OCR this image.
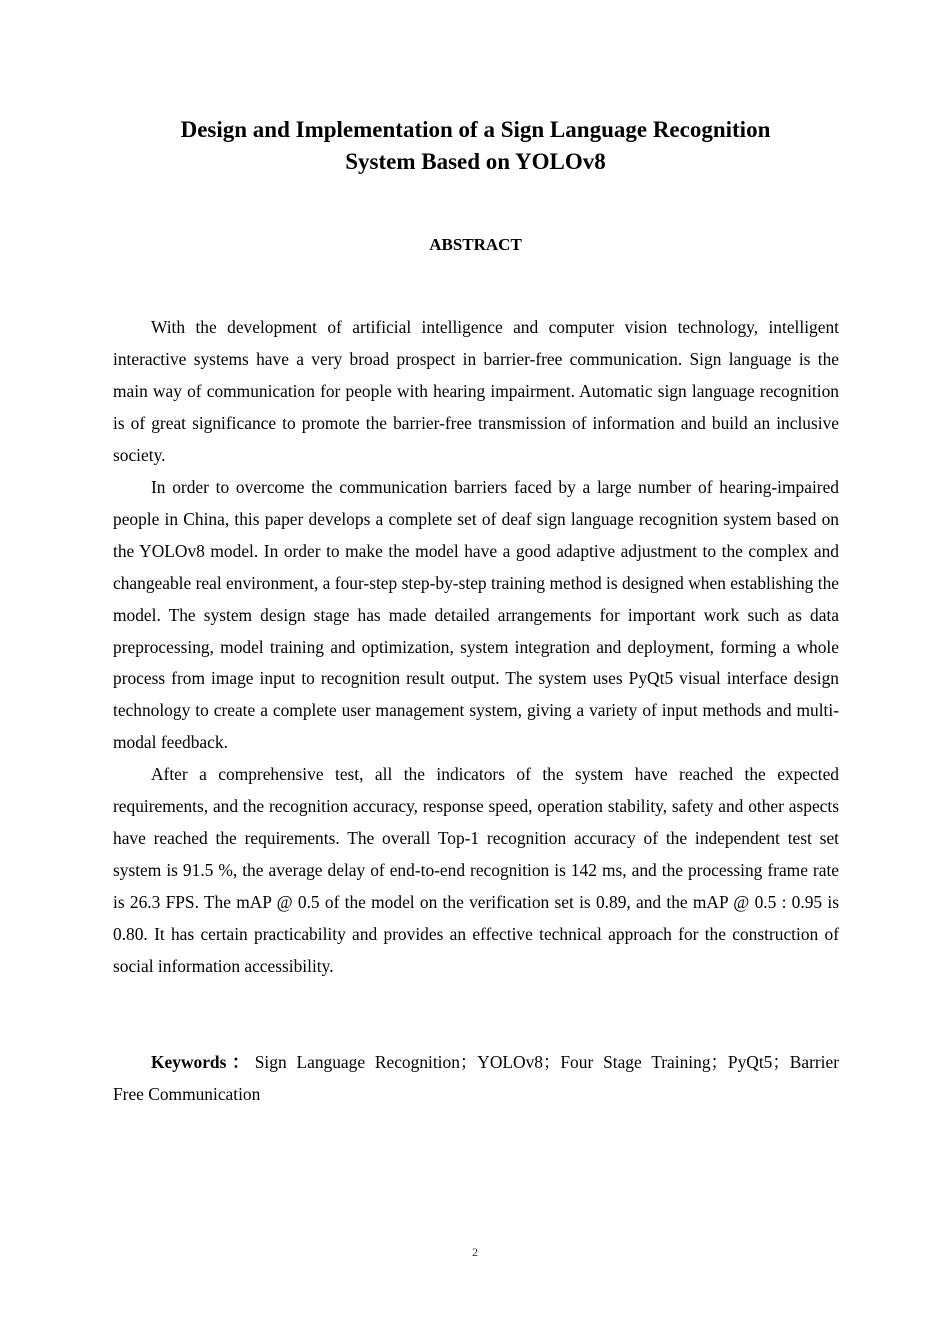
Design and Implementation of a Sign Language Recognition
System Based on YOLOv8
ABSTRACT

With the development of artificial intelligence and computer vision technology, intelligent interactive systems have a very broad prospect in barrier-free communication. Sign language is the main way of communication for people with hearing impairment. Automatic sign language recognition is of great significance to promote the barrier-free transmission of information and build an inclusive society.

In order to overcome the communication barriers faced by a large number of hearing-impaired people in China, this paper develops a complete set of deaf sign language recognition system based on the YOLOv8 model. In order to make the model have a good adaptive adjustment to the complex and changeable real environment, a four-step step-by-step training method is designed when establishing the model. The system design stage has made detailed arrangements for important work such as data preprocessing, model training and optimization, system integration and deployment, forming a whole process from image input to recognition result output. The system uses PyQt5 visual interface design technology to create a complete user management system, giving a variety of input methods and multi-modal feedback.

After a comprehensive test, all the indicators of the system have reached the expected requirements, and the recognition accuracy, response speed, operation stability, safety and other aspects have reached the requirements. The overall Top-1 recognition accuracy of the independent test set system is 91.5 %, the average delay of end-to-end recognition is 142 ms, and the processing frame rate is 26.3 FPS. The mAP @ 0.5 of the model on the verification set is 0.89, and the mAP @ 0.5 : 0.95 is 0.80. It has certain practicability and provides an effective technical approach for the construction of social information accessibility.

Keywords：Sign Language Recognition；YOLOv8；Four Stage Training；PyQt5；Barrier Free Communication
2
